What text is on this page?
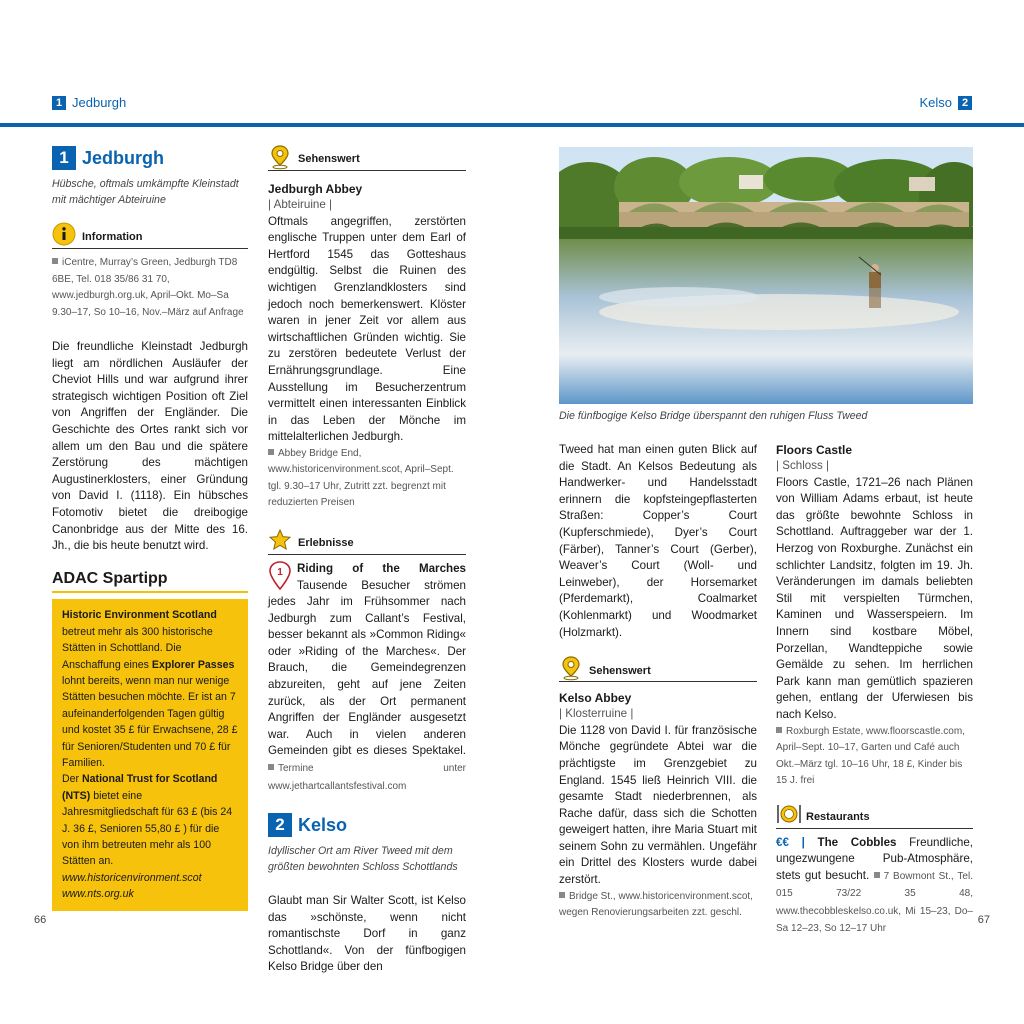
1 Jedburgh	Kelso 2
1 Jedburgh
Hübsche, oftmals umkämpfte Kleinstadt mit mächtiger Abteiruine
Information
iCentre, Murray’s Green, Jedburgh TD8 6BE, Tel. 018 35/86 31 70, www.jedburgh.org.uk, April–Okt. Mo–Sa 9.30–17, So 10–16, Nov.–März auf Anfrage
Die freundliche Kleinstadt Jedburgh liegt am nördlichen Ausläufer der Cheviot Hills und war aufgrund ihrer strategisch wichtigen Position oft Ziel von Angriffen der Engländer. Die Geschichte des Ortes rankt sich vor allem um den Bau und die spätere Zerstörung des mächtigen Augustinerklosters, einer Gründung von David I. (1118). Ein hübsches Fotomotiv bietet die dreibogige Canonbridge aus der Mitte des 16. Jh., die bis heute benutzt wird.
ADAC Spartipp
Historic Environment Scotland betreut mehr als 300 historische Stätten in Schottland. Die Anschaffung eines Explorer Passes lohnt bereits, wenn man nur wenige Stätten besuchen möchte. Er ist an 7 aufeinanderfolgenden Tagen gültig und kostet 35 £ für Erwachsene, 28 £ für Senioren/Studenten und 70 £ für Familien.
Der National Trust for Scotland (NTS) bietet eine Jahresmitgliedschaft für 63 £ (bis 24 J. 36 £, Senioren 55,80 £ ) für die von ihm betreuten mehr als 100 Stätten an.
www.historicenvironment.scot
www.nts.org.uk
Sehenswert
Jedburgh Abbey
| Abteiruine |
Oftmals angegriffen, zerstörten englische Truppen unter dem Earl of Hertford 1545 das Gotteshaus endgültig. Selbst die Ruinen des wichtigen Grenzlandklosters sind jedoch noch bemerkenswert. Klöster waren in jener Zeit vor allem aus wirtschaftlichen Gründen wichtig. Sie zu zerstören bedeutete Verlust der Ernährungsgrundlage. Eine Ausstellung im Besucherzentrum vermittelt einen interessanten Einblick in das Leben der Mönche im mittelalterlichen Jedburgh.
Abbey Bridge End, www.historicenvironment.scot, April–Sept. tgl. 9.30–17 Uhr, Zutritt zzt. begrenzt mit reduzierten Preisen
Erlebnisse
1 Riding of the Marches Tausende Besucher strömen jedes Jahr im Frühsommer nach Jedburgh zum Callant’s Festival, besser bekannt als »Common Riding« oder »Riding of the Marches«. Der Brauch, die Gemeindegrenzen abzureiten, geht auf jene Zeiten zurück, als der Ort permanent Angriffen der Engländer ausgesetzt war. Auch in vielen anderen Gemeinden gibt es dieses Spektakel. Termine unter www.jethartcallantsfestival.com
2 Kelso
Idyllischer Ort am River Tweed mit dem größten bewohnten Schloss Schottlands
Glaubt man Sir Walter Scott, ist Kelso das »schönste, wenn nicht romantischste Dorf in ganz Schottland«. Von der fünfbogigen Kelso Bridge über den
Die fünfbogige Kelso Bridge überspannt den ruhigen Fluss Tweed
Tweed hat man einen guten Blick auf die Stadt. An Kelsos Bedeutung als Handwerker- und Handelsstadt erinnern die kopfsteingepflasterten Straßen: Copper’s Court (Kupferschmiede), Dyer’s Court (Färber), Tanner’s Court (Gerber), Weaver’s Court (Woll- und Leinweber), der Horsemarket (Pferdemarkt), Coalmarket (Kohlenmarkt) und Woodmarket (Holzmarkt).
Sehenswert
Kelso Abbey
| Klosterruine |
Die 1128 von David I. für französische Mönche gegründete Abtei war die prächtigste im Grenzgebiet zu England. 1545 ließ Heinrich VIII. die gesamte Stadt niederbrennen, als Rache dafür, dass sich die Schotten geweigert hatten, ihre Maria Stuart mit seinem Sohn zu vermählen. Ungefähr ein Drittel des Klosters wurde dabei zerstört.
Bridge St., www.historicenvironment.scot, wegen Renovierungsarbeiten zzt. geschl.
Floors Castle
| Schloss |
Floors Castle, 1721–26 nach Plänen von William Adams erbaut, ist heute das größte bewohnte Schloss in Schottland. Auftraggeber war der 1. Herzog von Roxburghe. Zunächst ein schlichter Landsitz, folgten im 19. Jh. Veränderungen im damals beliebten Stil mit verspielten Türmchen, Kaminen und Wasserspeiern. Im Innern sind kostbare Möbel, Porzellan, Wandteppiche sowie Gemälde zu sehen. Im herrlichen Park kann man gemütlich spazieren gehen, entlang der Uferwiesen bis nach Kelso.
Roxburgh Estate, www.floorscastle.com, April–Sept. 10–17, Garten und Café auch Okt.–März tgl. 10–16 Uhr, 18 £, Kinder bis 15 J. frei
Restaurants
€€ | The Cobbles Freundliche, ungezwungene Pub-Atmosphäre, stets gut besucht. 7 Bowmont St., Tel. 015 73/22 35 48, www.thecobbleskelso.co.uk, Mi 15–23, Do–Sa 12–23, So 12–17 Uhr
66	67
